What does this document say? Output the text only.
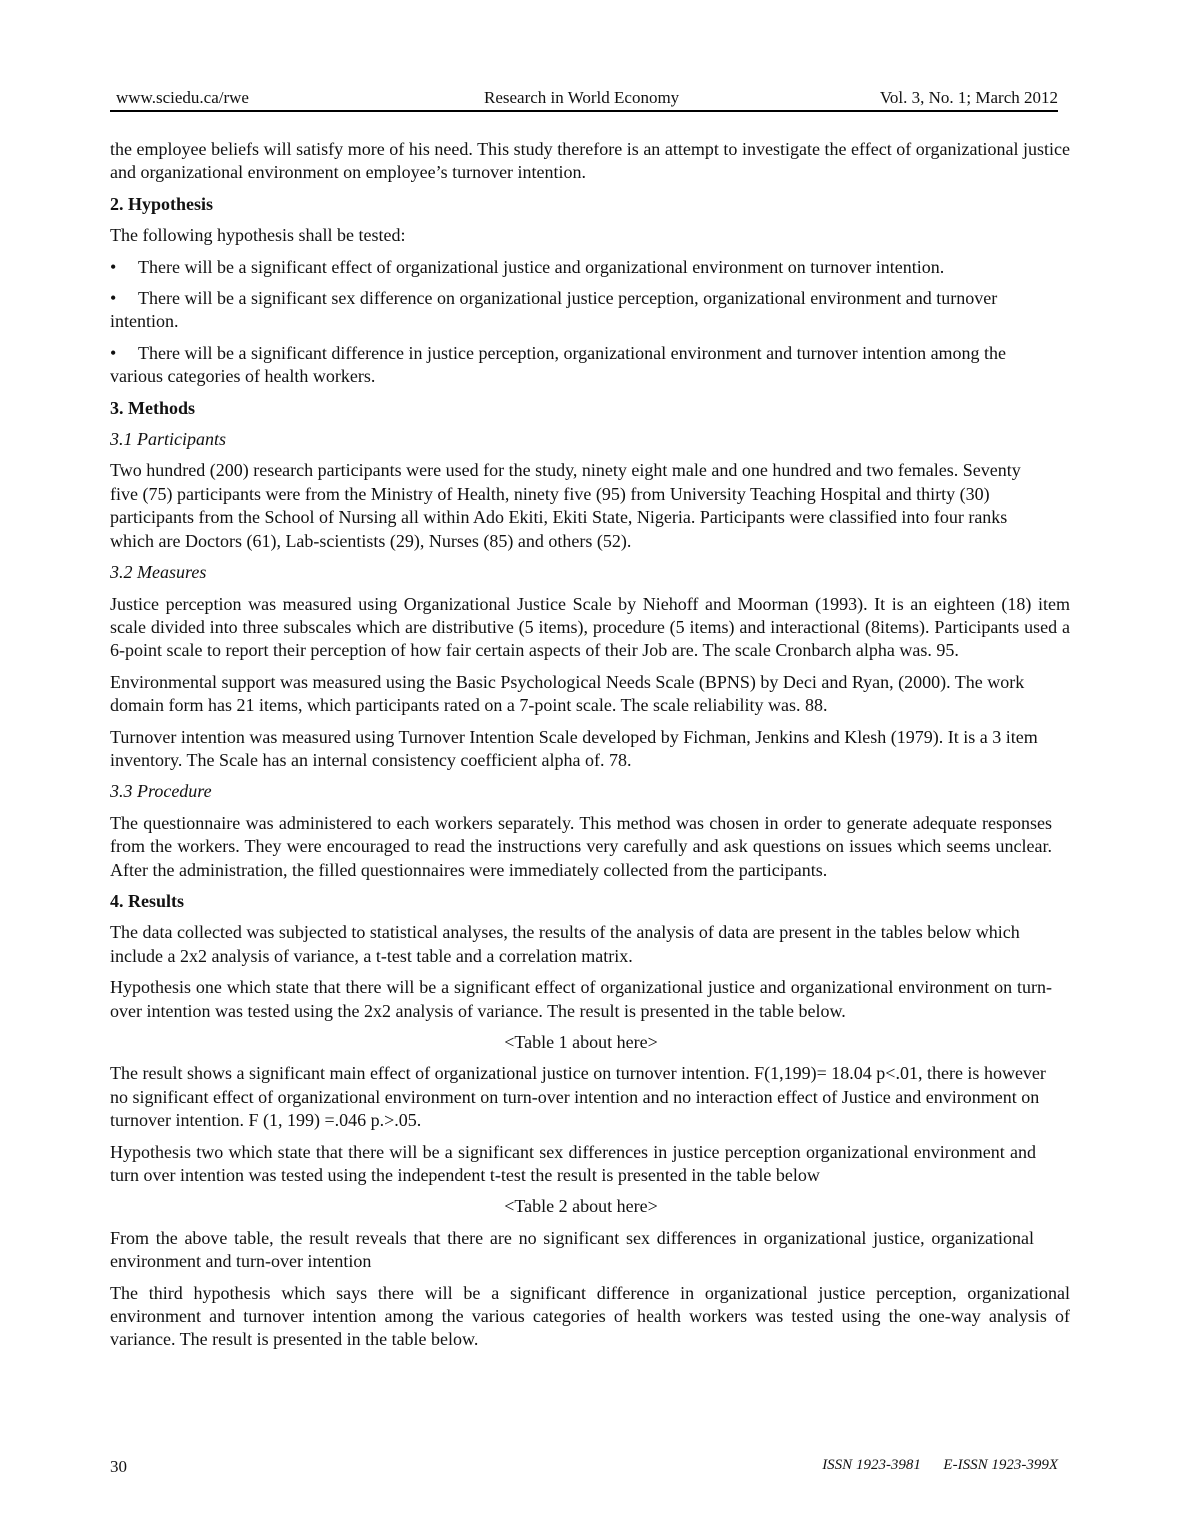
www.sciedu.ca/rwe	Research in World Economy	Vol. 3, No. 1; March 2012

the employee beliefs will satisfy more of his need. This study therefore is an attempt to investigate the effect of organizational justice and organizational environment on employee’s turnover intention.

2. Hypothesis

The following hypothesis shall be tested:

• There will be a significant effect of organizational justice and organizational environment on turnover intention.

• There will be a significant sex difference on organizational justice perception, organizational environment and turnover intention.

• There will be a significant difference in justice perception, organizational environment and turnover intention among the various categories of health workers.

3. Methods

3.1 Participants

Two hundred (200) research participants were used for the study, ninety eight male and one hundred and two females. Seventy five (75) participants were from the Ministry of Health, ninety five (95) from University Teaching Hospital and thirty (30) participants from the School of Nursing all within Ado Ekiti, Ekiti State, Nigeria. Participants were classified into four ranks which are Doctors (61), Lab-scientists (29), Nurses (85) and others (52).

3.2 Measures

Justice perception was measured using Organizational Justice Scale by Niehoff and Moorman (1993). It is an eighteen (18) item scale divided into three subscales which are distributive (5 items), procedure (5 items) and interactional (8items). Participants used a 6-point scale to report their perception of how fair certain aspects of their Job are. The scale Cronbarch alpha was. 95.

Environmental support was measured using the Basic Psychological Needs Scale (BPNS) by Deci and Ryan, (2000). The work domain form has 21 items, which participants rated on a 7-point scale. The scale reliability was. 88.

Turnover intention was measured using Turnover Intention Scale developed by Fichman, Jenkins and Klesh (1979). It is a 3 item inventory. The Scale has an internal consistency coefficient alpha of. 78.

3.3 Procedure

The questionnaire was administered to each workers separately. This method was chosen in order to generate adequate responses from the workers. They were encouraged to read the instructions very carefully and ask questions on issues which seems unclear. After the administration, the filled questionnaires were immediately collected from the participants.

4. Results

The data collected was subjected to statistical analyses, the results of the analysis of data are present in the tables below which include a 2x2 analysis of variance, a t-test table and a correlation matrix.

Hypothesis one which state that there will be a significant effect of organizational justice and organizational environment on turn-over intention was tested using the 2x2 analysis of variance. The result is presented in the table below.

<Table 1 about here>

The result shows a significant main effect of organizational justice on turnover intention. F(1,199)= 18.04 p<.01, there is however no significant effect of organizational environment on turn-over intention and no interaction effect of Justice and environment on turnover intention. F (1, 199) =.046 p.>.05.

Hypothesis two which state that there will be a significant sex differences in justice perception organizational environment and turn over intention was tested using the independent t-test the result is presented in the table below

<Table 2 about here>

From the above table, the result reveals that there are no significant sex differences in organizational justice, organizational environment and turn-over intention

The third hypothesis which says there will be a significant difference in organizational justice perception, organizational environment and turnover intention among the various categories of health workers was tested using the one-way analysis of variance. The result is presented in the table below.

30	ISSN 1923-3981      E-ISSN 1923-399X
